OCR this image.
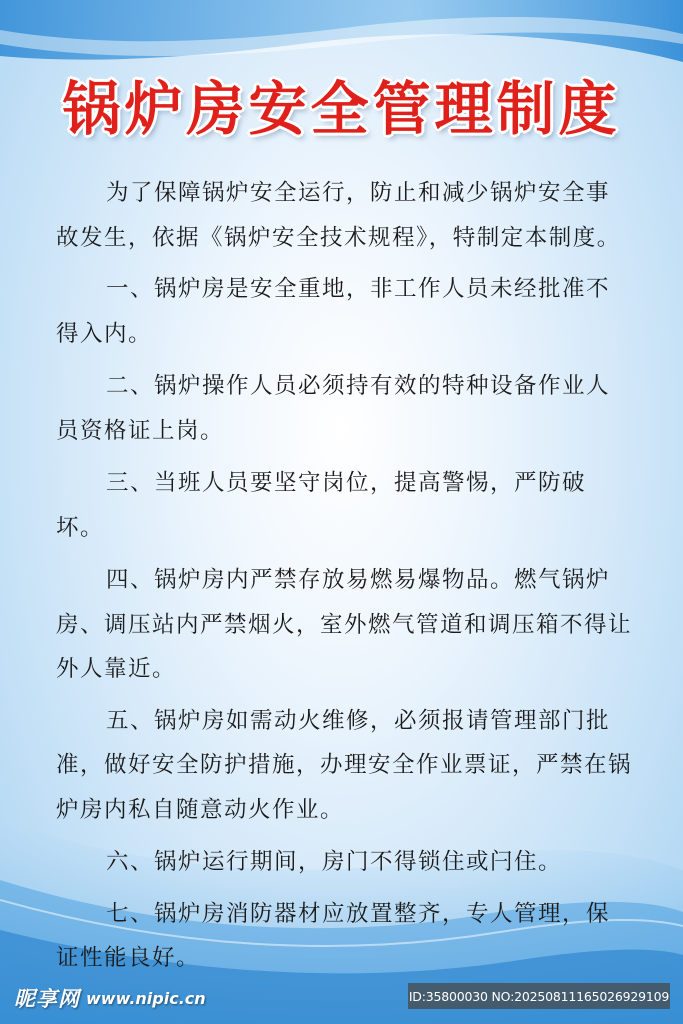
锅炉房安全管理制度

为了保障锅炉安全运行，防止和减少锅炉安全事故发生，依据《锅炉安全技术规程》，特制定本制度。

一、锅炉房是安全重地，非工作人员未经批准不得入内。

二、锅炉操作人员必须持有效的特种设备作业人员资格证上岗。

三、当班人员要坚守岗位，提高警惕，严防破坏。

四、锅炉房内严禁存放易燃易爆物品。燃气锅炉房、调压站内严禁烟火，室外燃气管道和调压箱不得让外人靠近。

五、锅炉房如需动火维修，必须报请管理部门批准，做好安全防护措施，办理安全作业票证，严禁在锅炉房内私自随意动火作业。

六、锅炉运行期间，房门不得锁住或闩住。

七、锅炉房消防器材应放置整齐，专人管理，保证性能良好。

昵享网 www.nipic.cn	ID:35800030 NO:20250811165026929109
